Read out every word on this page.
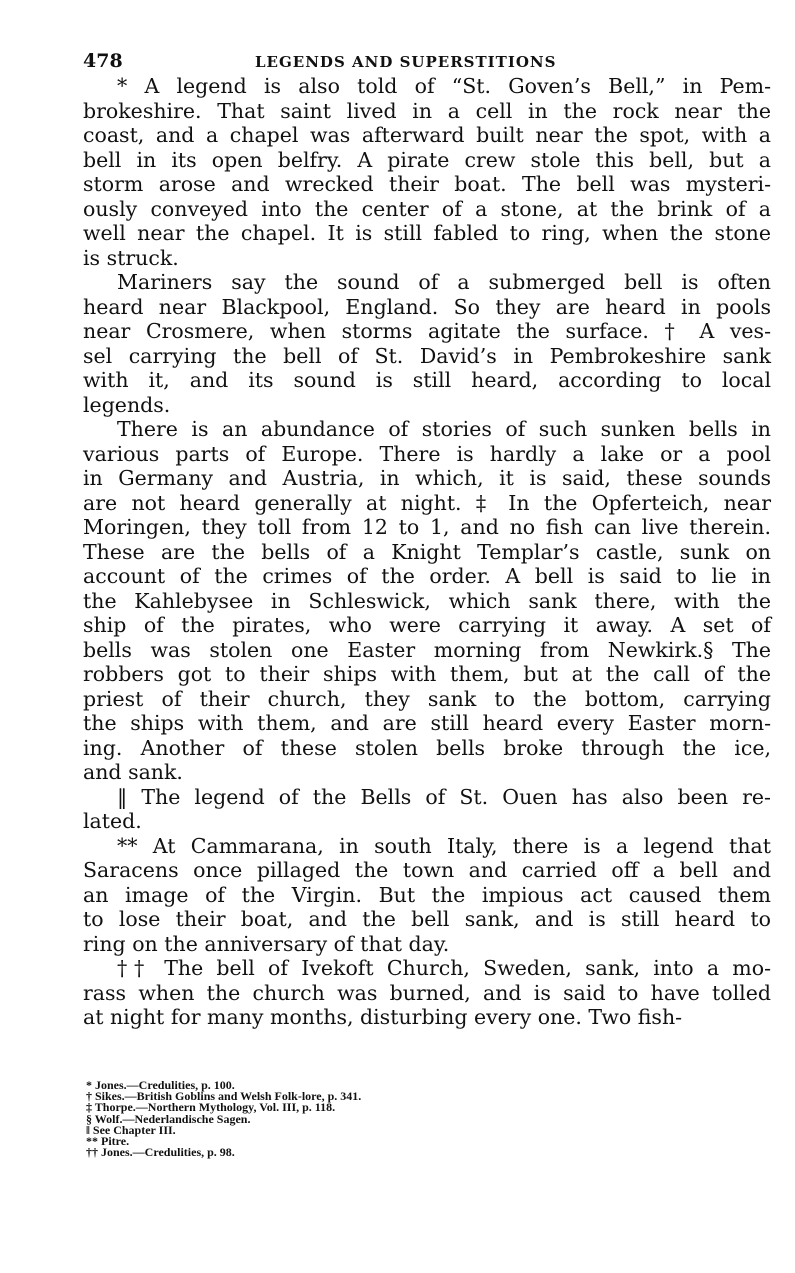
478	LEGENDS AND SUPERSTITIONS
* A legend is also told of “St. Goven’s Bell,” in Pem-
brokeshire. That saint lived in a cell in the rock near the
coast, and a chapel was afterward built near the spot, with a
bell in its open belfry. A pirate crew stole this bell, but a
storm arose and wrecked their boat. The bell was mysteri-
ously conveyed into the center of a stone, at the brink of a
well near the chapel. It is still fabled to ring, when the stone
is struck.
Mariners say the sound of a submerged bell is often
heard near Blackpool, England. So they are heard in pools
near Crosmere, when storms agitate the surface. † A ves-
sel carrying the bell of St. David’s in Pembrokeshire sank
with it, and its sound is still heard, according to local
legends.
There is an abundance of stories of such sunken bells in
various parts of Europe. There is hardly a lake or a pool
in Germany and Austria, in which, it is said, these sounds
are not heard generally at night. ‡ In the Opferteich, near
Moringen, they toll from 12 to 1, and no fish can live therein.
These are the bells of a Knight Templar’s castle, sunk on
account of the crimes of the order. A bell is said to lie in
the Kahlebysee in Schleswick, which sank there, with the
ship of the pirates, who were carrying it away. A set of
bells was stolen one Easter morning from Newkirk.§ The
robbers got to their ships with them, but at the call of the
priest of their church, they sank to the bottom, carrying
the ships with them, and are still heard every Easter morn-
ing. Another of these stolen bells broke through the ice,
and sank.
‖ The legend of the Bells of St. Ouen has also been re-
lated.
** At Cammarana, in south Italy, there is a legend that
Saracens once pillaged the town and carried off a bell and
an image of the Virgin. But the impious act caused them
to lose their boat, and the bell sank, and is still heard to
ring on the anniversary of that day.
†† The bell of Ivekoft Church, Sweden, sank, into a mo-
rass when the church was burned, and is said to have tolled
at night for many months, disturbing every one. Two fish-
* Jones.—Credulities, p. 100.
† Sikes.—British Goblins and Welsh Folk-lore, p. 341.
‡ Thorpe.—Northern Mythology, Vol. III, p. 118.
§ Wolf.—Nederlandische Sagen.
‖ See Chapter III.
** Pitre.
†† Jones.—Credulities, p. 98.
